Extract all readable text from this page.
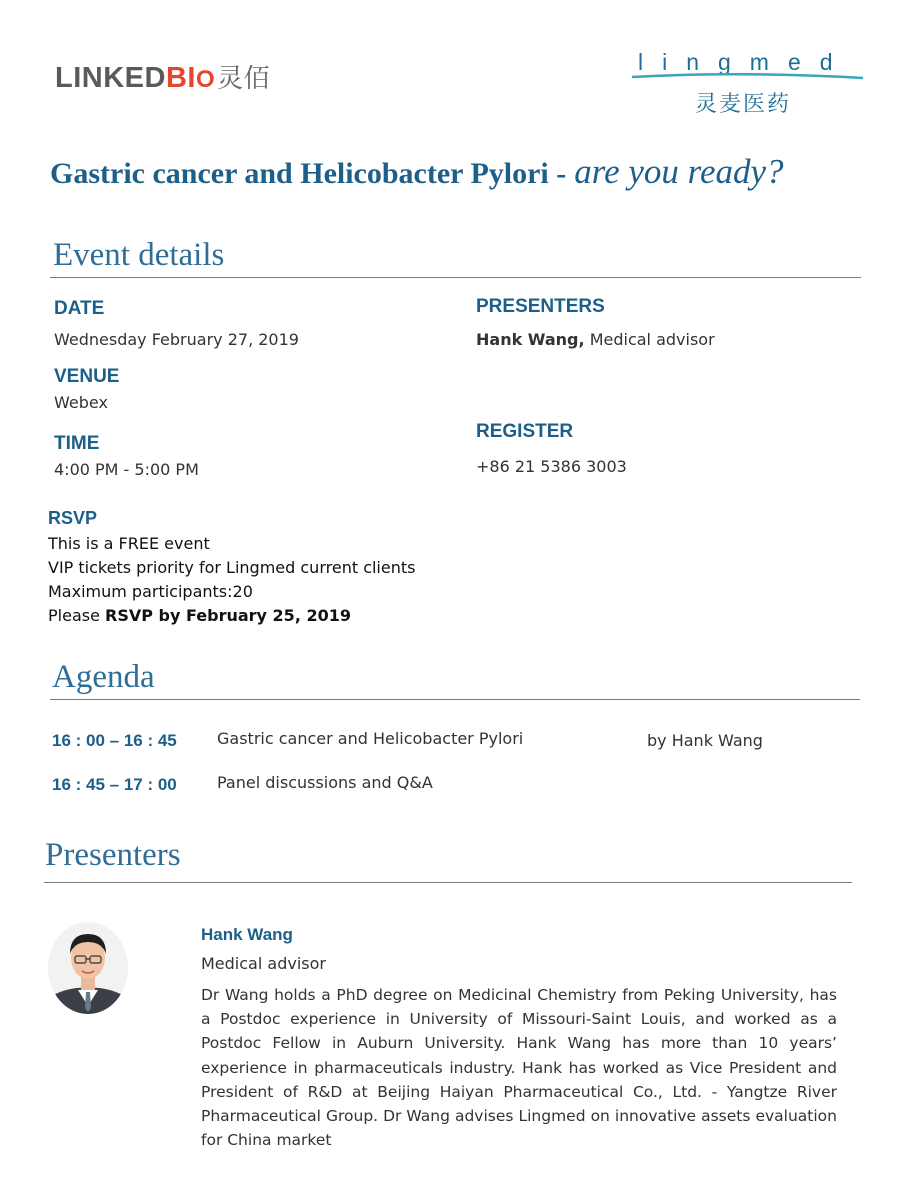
LINKEDBIO灵佰
lingmed
灵麦医药
Gastric cancer and Helicobacter Pylori - are you ready?
Event details
DATE
Wednesday February 27, 2019
VENUE
Webex
TIME
4:00 PM - 5:00 PM
PRESENTERS
Hank Wang, Medical advisor
REGISTER
+86 21 5386 3003
RSVP
This is a FREE event
VIP tickets priority for Lingmed current clients
Maximum participants:20
Please RSVP by February 25, 2019
Agenda
16 : 00 – 16 : 45	Gastric cancer and Helicobacter Pylori	by Hank Wang
16 : 45 – 17 : 00	Panel discussions and Q&A
Presenters
Hank Wang
Medical advisor
Dr Wang holds a PhD degree on Medicinal Chemistry from Peking University, has a Postdoc experience in University of Missouri-Saint Louis, and worked as a Postdoc Fellow in Auburn University. Hank Wang has more than 10 years’ experience in pharmaceuticals industry. Hank has worked as Vice President and President of R&D at Beijing Haiyan Pharmaceutical Co., Ltd. - Yangtze River Pharmaceutical Group. Dr Wang advises Lingmed on innovative assets evaluation for China market
